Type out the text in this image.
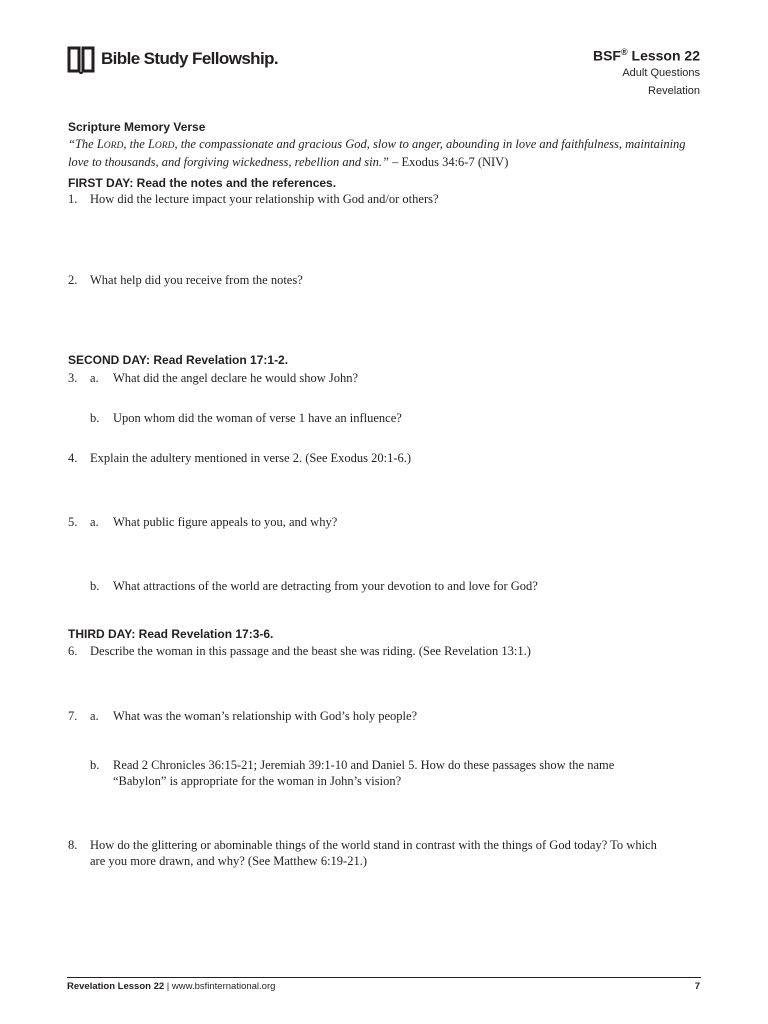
Bible Study Fellowship.	BSF® Lesson 22
Adult Questions
Revelation
Scripture Memory Verse
“The LORD, the LORD, the compassionate and gracious God, slow to anger, abounding in love and faithfulness, maintaining love to thousands, and forgiving wickedness, rebellion and sin.” – Exodus 34:6-7 (NIV)
FIRST DAY: Read the notes and the references.
1. How did the lecture impact your relationship with God and/or others?
2. What help did you receive from the notes?
SECOND DAY: Read Revelation 17:1-2.
3. a. What did the angel declare he would show John?
b. Upon whom did the woman of verse 1 have an influence?
4. Explain the adultery mentioned in verse 2. (See Exodus 20:1-6.)
5. a. What public figure appeals to you, and why?
b. What attractions of the world are detracting from your devotion to and love for God?
THIRD DAY: Read Revelation 17:3-6.
6. Describe the woman in this passage and the beast she was riding. (See Revelation 13:1.)
7. a. What was the woman’s relationship with God’s holy people?
b. Read 2 Chronicles 36:15-21; Jeremiah 39:1-10 and Daniel 5. How do these passages show the name
“Babylon” is appropriate for the woman in John’s vision?
8. How do the glittering or abominable things of the world stand in contrast with the things of God today? To which
are you more drawn, and why? (See Matthew 6:19-21.)
Revelation Lesson 22 | www.bsfinternational.org	7
